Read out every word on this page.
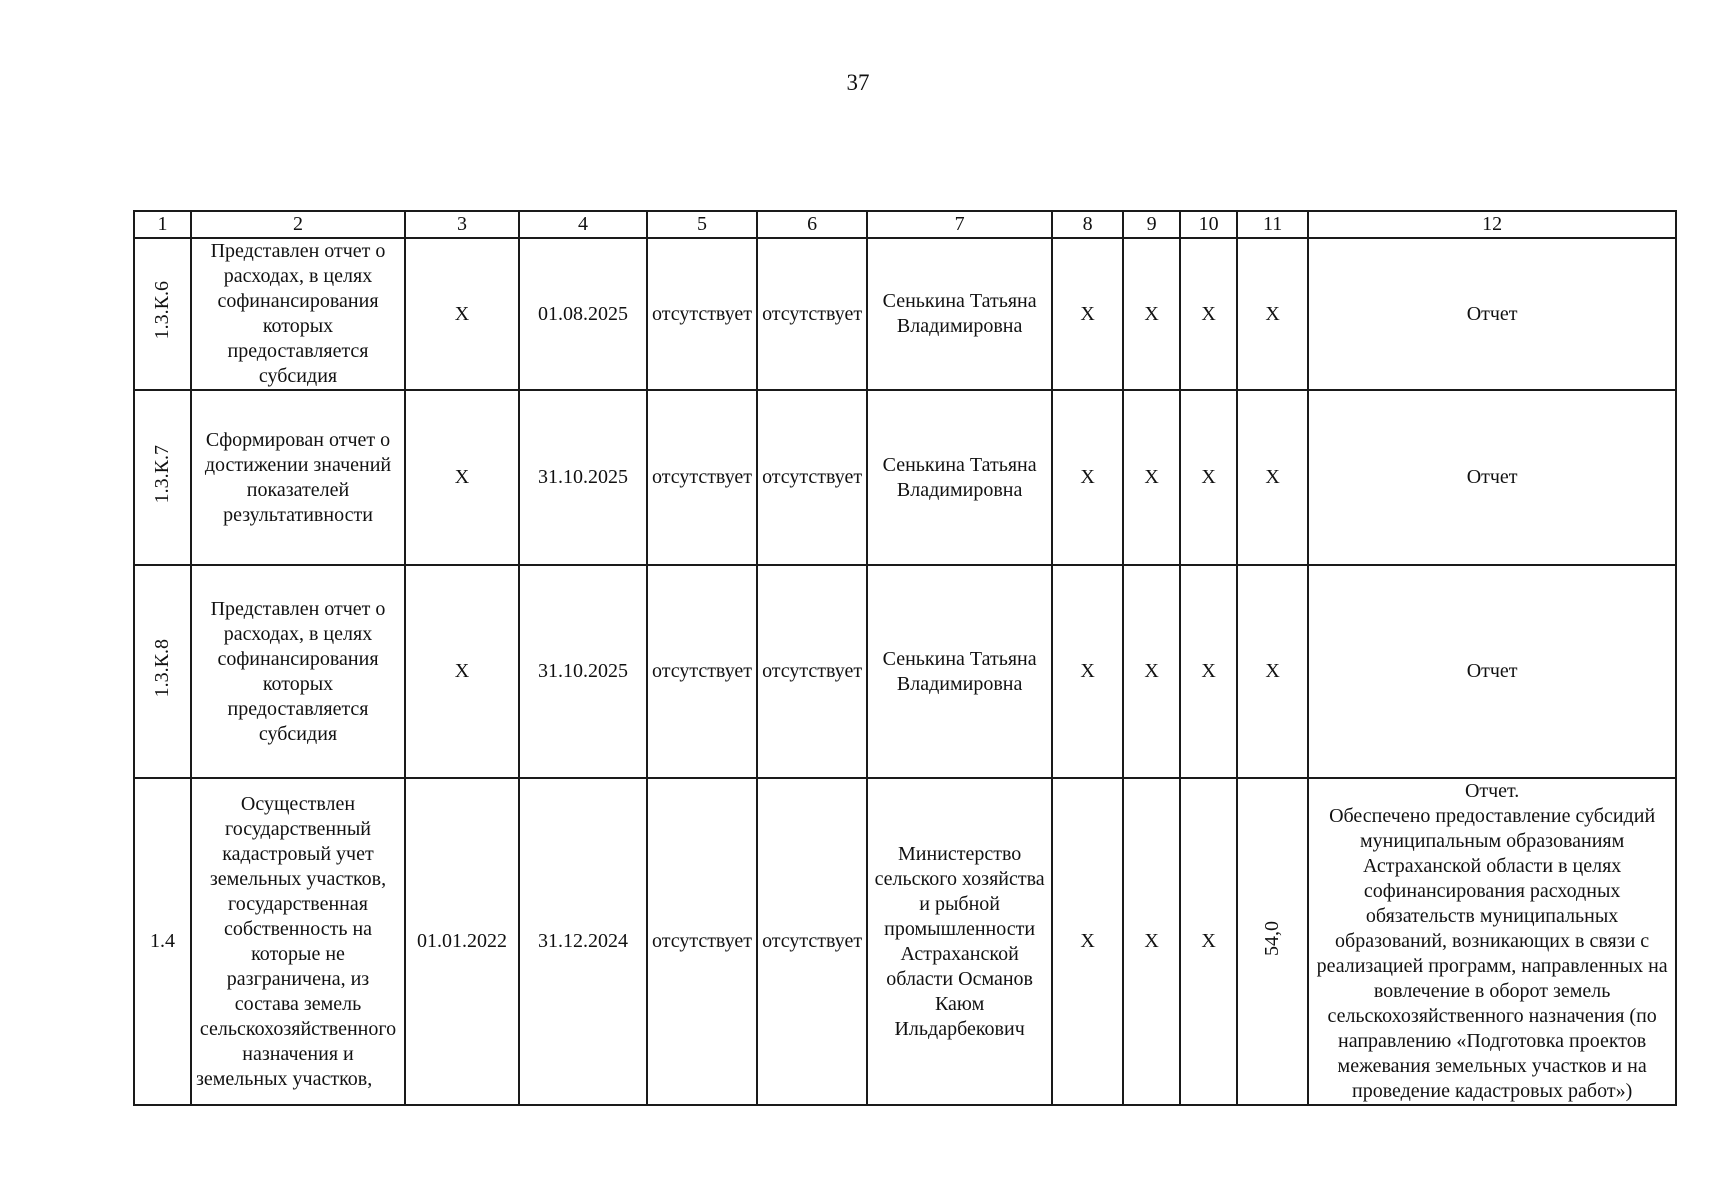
37
1	2	3	4	5	6	7	8	9	10	11	12
1.3.К.6	Представлен отчет о расходах, в целях софинансирования которых предоставляется субсидия	X	01.08.2025	отсутствует	отсутствует	Сенькина Татьяна Владимировна	X	X	X	X	Отчет
1.3.К.7	Сформирован отчет о достижении значений показателей результативности	X	31.10.2025	отсутствует	отсутствует	Сенькина Татьяна Владимировна	X	X	X	X	Отчет
1.3.К.8	Представлен отчет о расходах, в целях софинансирования которых предоставляется субсидия	X	31.10.2025	отсутствует	отсутствует	Сенькина Татьяна Владимировна	X	X	X	X	Отчет
1.4	Осуществлен государственный кадастровый учет земельных участков, государственная собственность на которые не разграничена, из состава земель сельскохозяйственного назначения и земельных участков,	01.01.2022	31.12.2024	отсутствует	отсутствует	Министерство сельского хозяйства и рыбной промышленности Астраханской области Османов Каюм Ильдарбекович	X	X	X	54,0	Отчет.
Обеспечено предоставление субсидий муниципальным образованиям Астраханской области в целях софинансирования расходных обязательств муниципальных образований, возникающих в связи с реализацией программ, направленных на вовлечение в оборот земель сельскохозяйственного назначения (по направлению «Подготовка проектов межевания земельных участков и на проведение кадастровых работ»)
